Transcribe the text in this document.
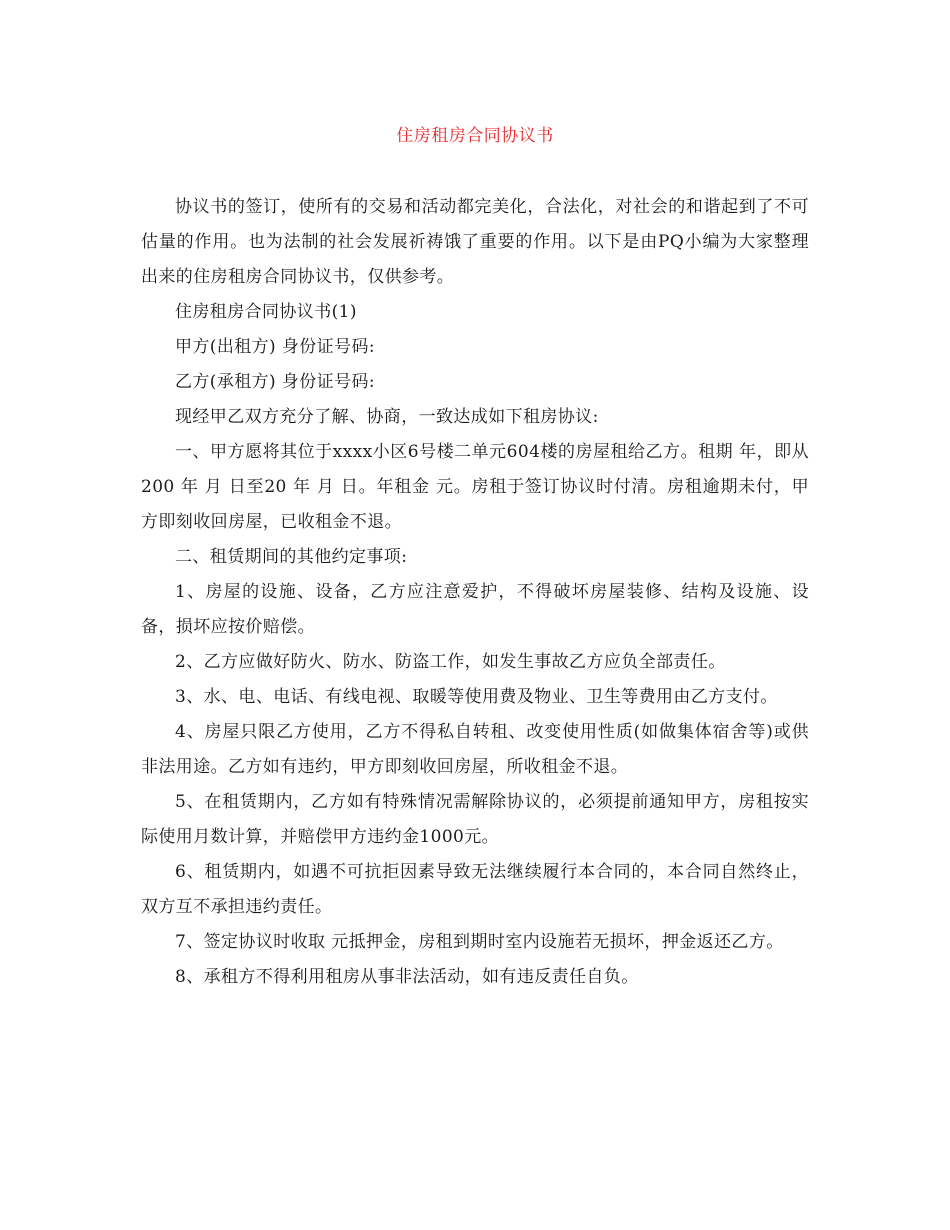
住房租房合同协议书

协议书的签订，使所有的交易和活动都完美化，合法化，对社会的和谐起到了不可估量的作用。也为法制的社会发展祈祷饿了重要的作用。以下是由PQ小编为大家整理出来的住房租房合同协议书，仅供参考。

住房租房合同协议书(1)

甲方(出租方) 身份证号码:

乙方(承租方) 身份证号码:

现经甲乙双方充分了解、协商，一致达成如下租房协议:

一、甲方愿将其位于xxxx小区6号楼二单元604楼的房屋租给乙方。租期 年，即从200 年 月 日至20 年 月 日。年租金 元。房租于签订协议时付清。房租逾期未付，甲方即刻收回房屋，已收租金不退。

二、租赁期间的其他约定事项:

1、房屋的设施、设备，乙方应注意爱护，不得破坏房屋装修、结构及设施、设备，损坏应按价赔偿。

2、乙方应做好防火、防水、防盗工作，如发生事故乙方应负全部责任。

3、水、电、电话、有线电视、取暖等使用费及物业、卫生等费用由乙方支付。

4、房屋只限乙方使用，乙方不得私自转租、改变使用性质(如做集体宿舍等)或供非法用途。乙方如有违约，甲方即刻收回房屋，所收租金不退。

5、在租赁期内，乙方如有特殊情况需解除协议的，必须提前通知甲方，房租按实际使用月数计算，并赔偿甲方违约金1000元。

6、租赁期内，如遇不可抗拒因素导致无法继续履行本合同的，本合同自然终止，双方互不承担违约责任。

7、签定协议时收取 元抵押金，房租到期时室内设施若无损坏，押金返还乙方。

8、承租方不得利用租房从事非法活动，如有违反责任自负。
